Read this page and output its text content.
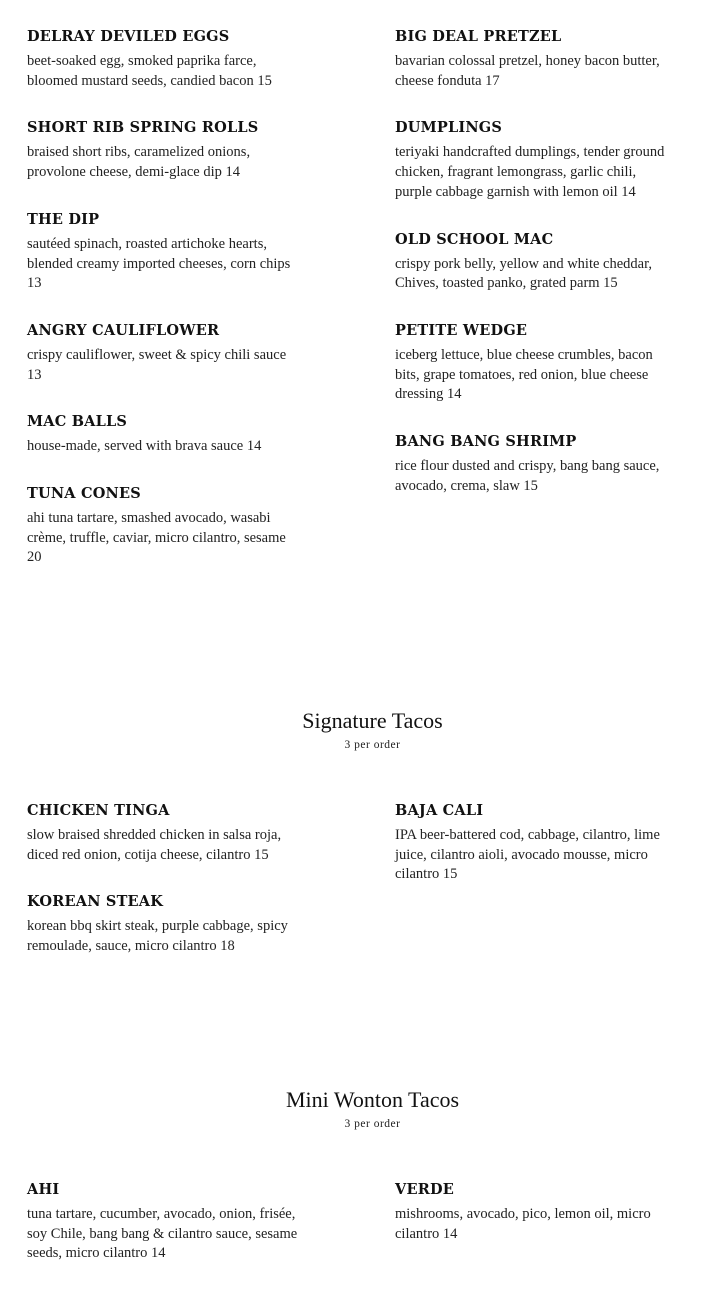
DELRAY DEVILED EGGS

beet-soaked egg, smoked paprika farce, bloomed mustard seeds, candied bacon 15

SHORT RIB SPRING ROLLS

braised short ribs, caramelized onions, provolone cheese, demi-glace dip 14

THE DIP

sautéed spinach, roasted artichoke hearts, blended creamy imported cheeses, corn chips 13

ANGRY CAULIFLOWER

crispy cauliflower, sweet & spicy chili sauce 13

MAC BALLS

house-made, served with brava sauce 14

TUNA CONES

ahi tuna tartare, smashed avocado, wasabi crème, truffle, caviar, micro cilantro, sesame 20

BIG DEAL PRETZEL

bavarian colossal pretzel, honey bacon butter, cheese fonduta 17

DUMPLINGS

teriyaki handcrafted dumplings, tender ground chicken, fragrant lemongrass, garlic chili, purple cabbage garnish with lemon oil 14

OLD SCHOOL MAC

crispy pork belly, yellow and white cheddar, Chives, toasted panko, grated parm 15

PETITE WEDGE

iceberg lettuce, blue cheese crumbles, bacon bits, grape tomatoes, red onion, blue cheese dressing 14

BANG BANG SHRIMP

rice flour dusted and crispy, bang bang sauce, avocado, crema, slaw 15

Signature Tacos

3 per order

CHICKEN TINGA

slow braised shredded chicken in salsa roja, diced red onion, cotija cheese, cilantro 15

KOREAN STEAK

korean bbq skirt steak, purple cabbage, spicy remoulade, sauce, micro cilantro 18

BAJA CALI

IPA beer-battered cod, cabbage, cilantro, lime juice, cilantro aioli, avocado mousse, micro cilantro 15

Mini Wonton Tacos

3 per order

AHI

tuna tartare, cucumber, avocado, onion, frisée, soy Chile, bang bang & cilantro sauce, sesame seeds, micro cilantro 14

VERDE

mishrooms, avocado, pico, lemon oil, micro cilantro 14
